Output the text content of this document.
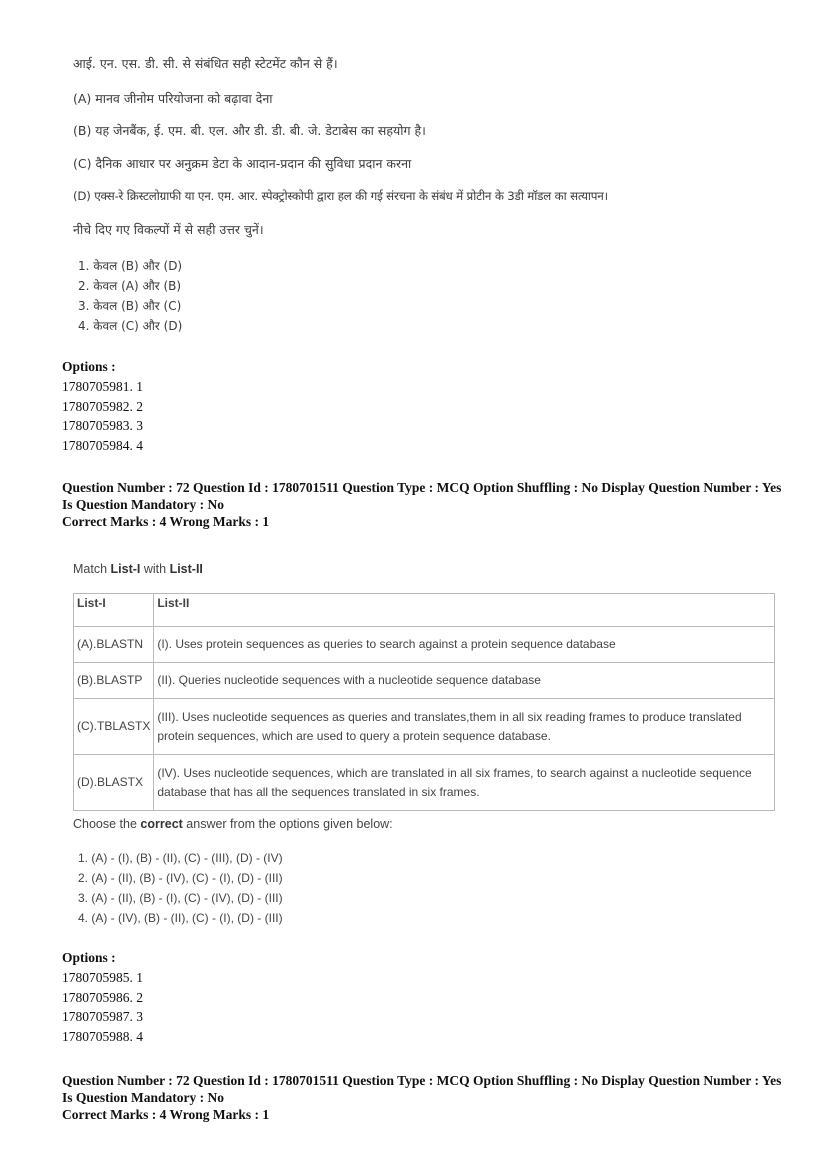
आई. एन. एस. डी. सी. से संबंधित सही स्टेटमेंट कौन से हैं।
(A) मानव जीनोम परियोजना को बढ़ावा देना
(B) यह जेनबैंक, ई. एम. बी. एल. और डी. डी. बी. जे. डेटाबेस का सहयोग है।
(C) दैनिक आधार पर अनुक्रम डेटा के आदान-प्रदान की सुविधा प्रदान करना
(D) एक्स-रे क्रिस्टलोग्राफी या एन. एम. आर. स्पेक्ट्रोस्कोपी द्वारा हल की गई संरचना के संबंध में प्रोटीन के 3डी मॉडल का सत्यापन।
नीचे दिए गए विकल्पों में से सही उत्तर चुनें।
1. केवल (B) और (D)
2. केवल (A) और (B)
3. केवल (B) और (C)
4. केवल (C) और (D)
Options :
1780705981. 1
1780705982. 2
1780705983. 3
1780705984. 4
Question Number : 72 Question Id : 1780701511 Question Type : MCQ Option Shuffling : No Display Question Number : Yes
Is Question Mandatory : No
Correct Marks : 4 Wrong Marks : 1
Match List-I with List-II
List-I	List-II
(A).BLASTN	(I). Uses protein sequences as queries to search against a protein sequence database
(B).BLASTP	(II). Queries nucleotide sequences with a nucleotide sequence database
(C).TBLASTX	(III). Uses nucleotide sequences as queries and translates,them in all six reading frames to produce translated protein sequences, which are used to query a protein sequence database.
(D).BLASTX	(IV). Uses nucleotide sequences, which are translated in all six frames, to search against a nucleotide sequence database that has all the sequences translated in six frames.
Choose the correct answer from the options given below:
1. (A) - (I), (B) - (II), (C) - (III), (D) - (IV)
2. (A) - (II), (B) - (IV), (C) - (I), (D) - (III)
3. (A) - (II), (B) - (I), (C) - (IV), (D) - (III)
4. (A) - (IV), (B) - (II), (C) - (I), (D) - (III)
Options :
1780705985. 1
1780705986. 2
1780705987. 3
1780705988. 4
Question Number : 72 Question Id : 1780701511 Question Type : MCQ Option Shuffling : No Display Question Number : Yes
Is Question Mandatory : No
Correct Marks : 4 Wrong Marks : 1
